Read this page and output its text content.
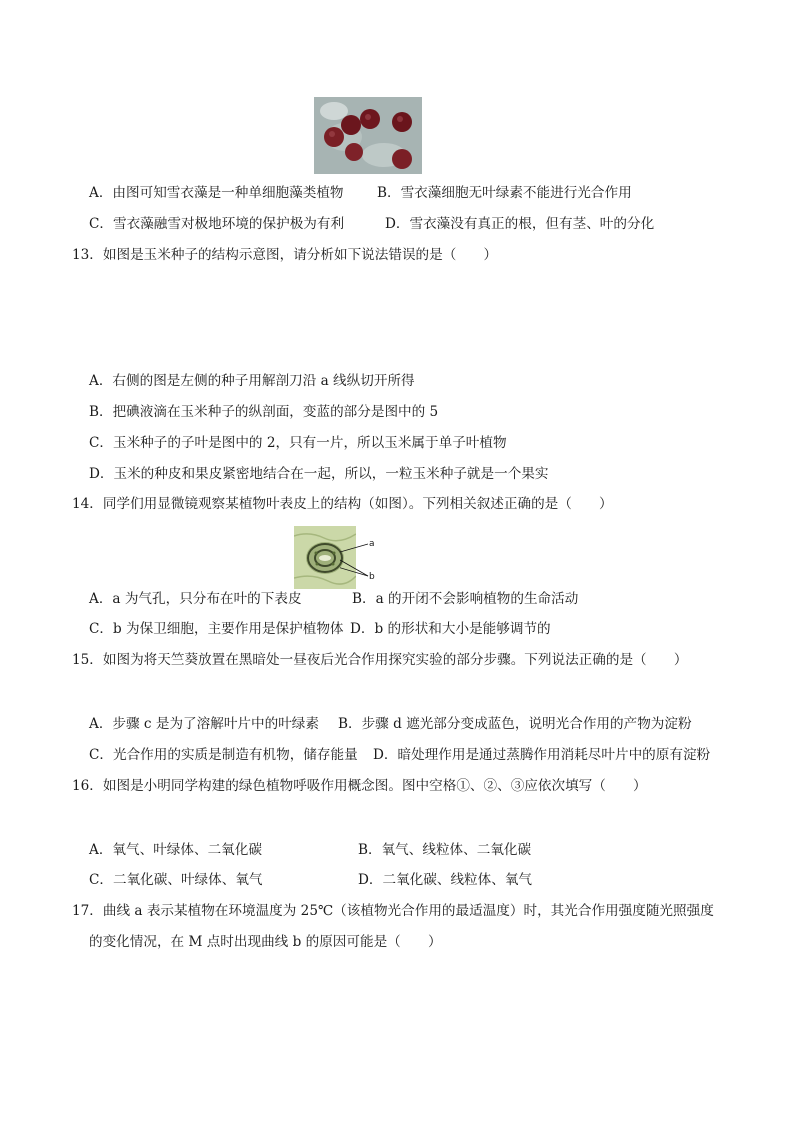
A．由图可知雪衣藻是一种单细胞藻类植物 B．雪衣藻细胞无叶绿素不能进行光合作用
C．雪衣藻融雪对极地环境的保护极为有利	D．雪衣藻没有真正的根，但有茎、叶的分化
13．如图是玉米种子的结构示意图，请分析如下说法错误的是（　　）
A．右侧的图是左侧的种子用解剖刀沿 a 线纵切开所得
B．把碘液滴在玉米种子的纵剖面，变蓝的部分是图中的 5
C．玉米种子的子叶是图中的 2，只有一片，所以玉米属于单子叶植物
D．玉米的种皮和果皮紧密地结合在一起，所以，一粒玉米种子就是一个果实
14．同学们用显微镜观察某植物叶表皮上的结构（如图）。下列相关叙述正确的是（　　）
a
b
A．a 为气孔，只分布在叶的下表皮	B．a 的开闭不会影响植物的生命活动
C．b 为保卫细胞，主要作用是保护植物体 D．b 的形状和大小是能够调节的
15．如图为将天竺葵放置在黑暗处一昼夜后光合作用探究实验的部分步骤。下列说法正确的是（　　）
A．步骤 c 是为了溶解叶片中的叶绿素 B．步骤 d 遮光部分变成蓝色，说明光合作用的产物为淀粉
C．光合作用的实质是制造有机物，储存能量 D．暗处理作用是通过蒸腾作用消耗尽叶片中的原有淀粉
16．如图是小明同学构建的绿色植物呼吸作用概念图。图中空格①、②、③应依次填写（　　）
A．氧气、叶绿体、二氧化碳	B．氧气、线粒体、二氧化碳
C．二氧化碳、叶绿体、氧气	D．二氧化碳、线粒体、氧气
17．曲线 a 表示某植物在环境温度为 25℃（该植物光合作用的最适温度）时，其光合作用强度随光照强度
的变化情况，在 M 点时出现曲线 b 的原因可能是（　　）
